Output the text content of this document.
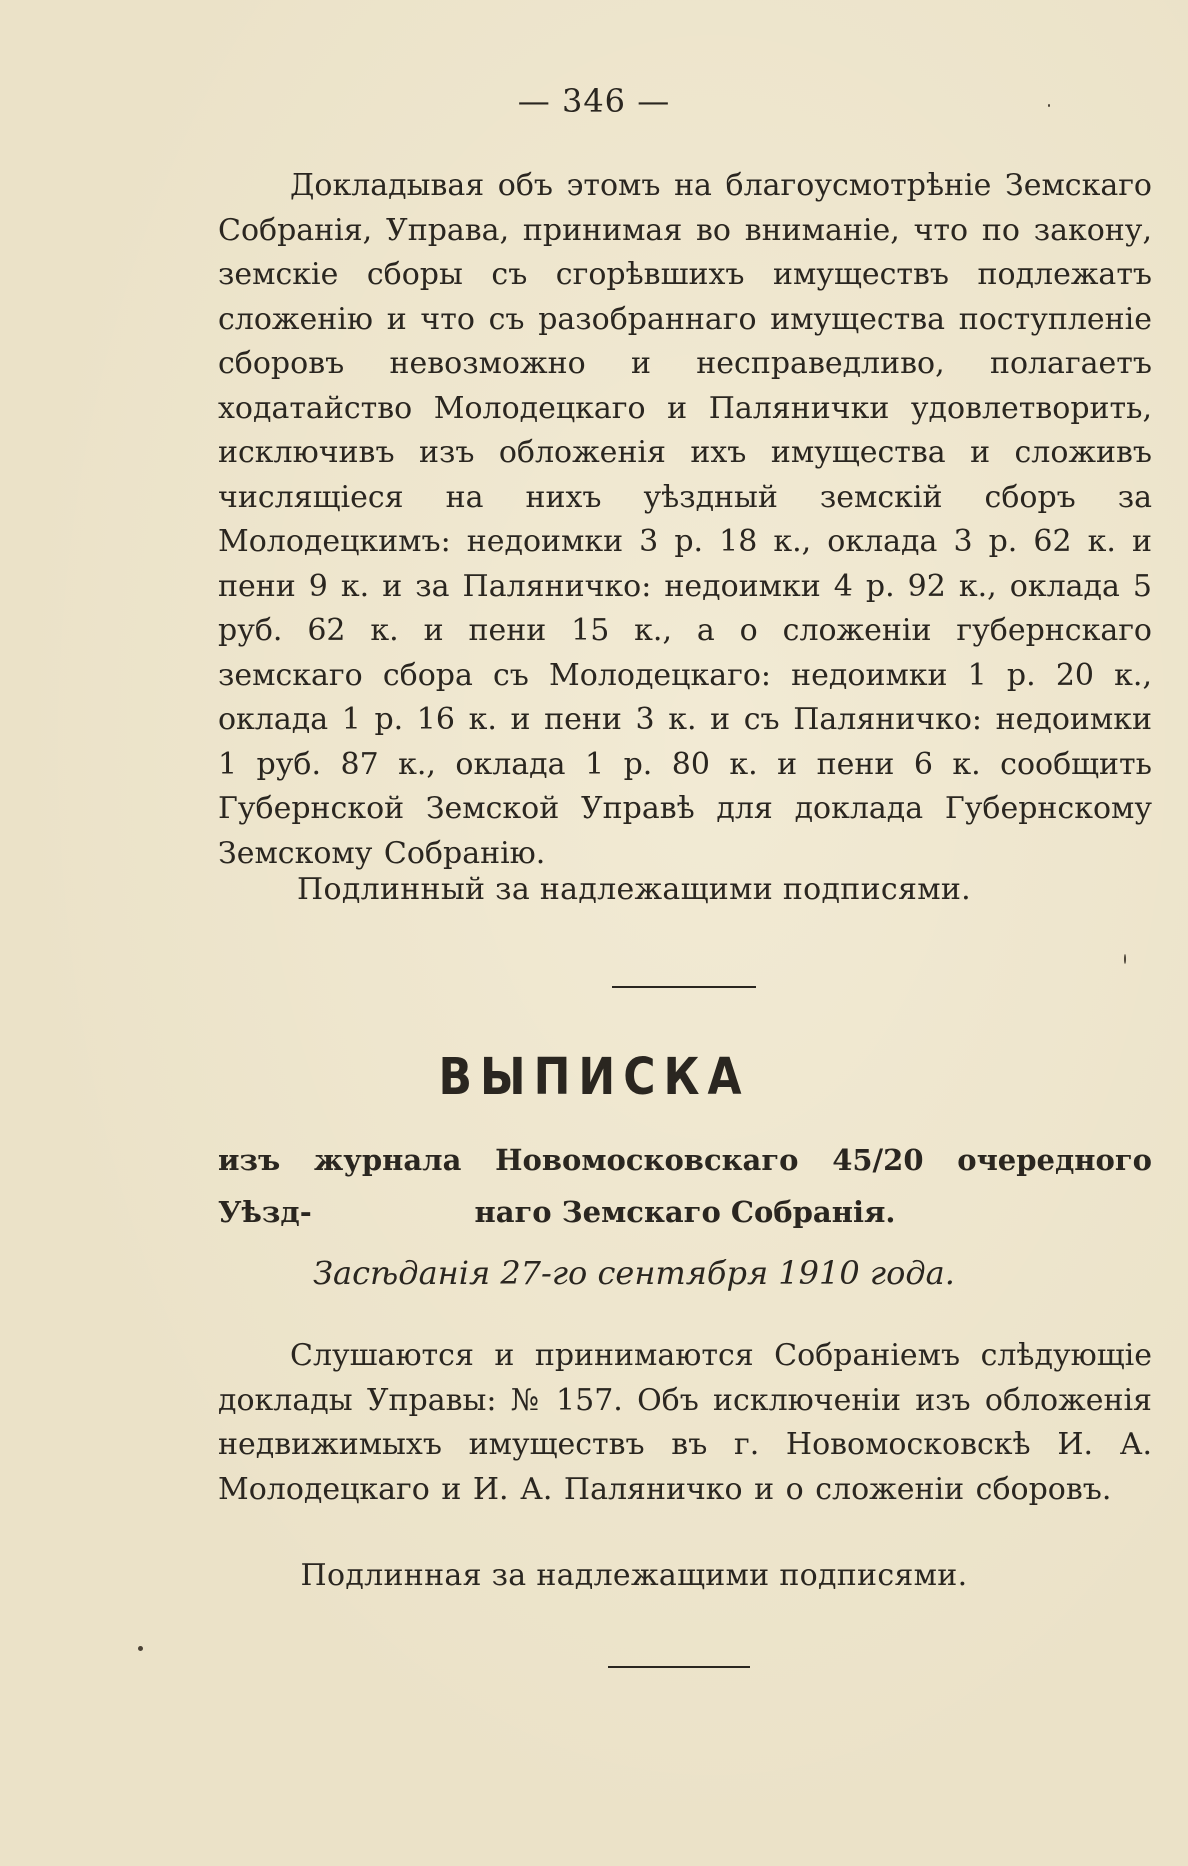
— 346 —

Докладывая объ этомъ на благоусмотрѣніе Земскаго Собранія, Управа, принимая во вниманіе, что по закону, земскіе сборы съ сгорѣвшихъ имуществъ подлежатъ сложенію и что съ разобраннаго имущества поступленіе сборовъ невозможно и несправедливо, полагаетъ ходатайство Молодецкаго и Палянички удовлетворить, исключивъ изъ обложенія ихъ имущества и сложивъ числящіеся на нихъ уѣздный земскій сборъ за Молодецкимъ: недоимки 3 р. 18 к., оклада 3 р. 62 к. и пени 9 к. и за Паляничко: недоимки 4 р. 92 к., оклада 5 руб. 62 к. и пени 15 к., а о сложеніи губернскаго земскаго сбора съ Молодецкаго: недоимки 1 р. 20 к., оклада 1 р. 16 к. и пени 3 к. и съ Паляничко: недоимки 1 руб. 87 к., оклада 1 р. 80 к. и пени 6 к. сообщить Губернской Земской Управѣ для доклада Губернскому Земскому Собранію.

Подлинный за надлежащими подписями.
ВЫПИСКА
изъ журнала Новомосковскаго 45/20 очередного Уѣзд-	наго Земскаго Собранія.
Засѣданія 27-го сентября 1910 года.

Слушаются и принимаются Собраніемъ слѣдующіе доклады Управы: № 157. Объ исключеніи изъ обложенія недвижимыхъ имуществъ въ г. Новомосковскѣ И. А. Молодецкаго и И. А. Паляничко и о сложеніи сборовъ.

Подлинная за надлежащими подписями.
